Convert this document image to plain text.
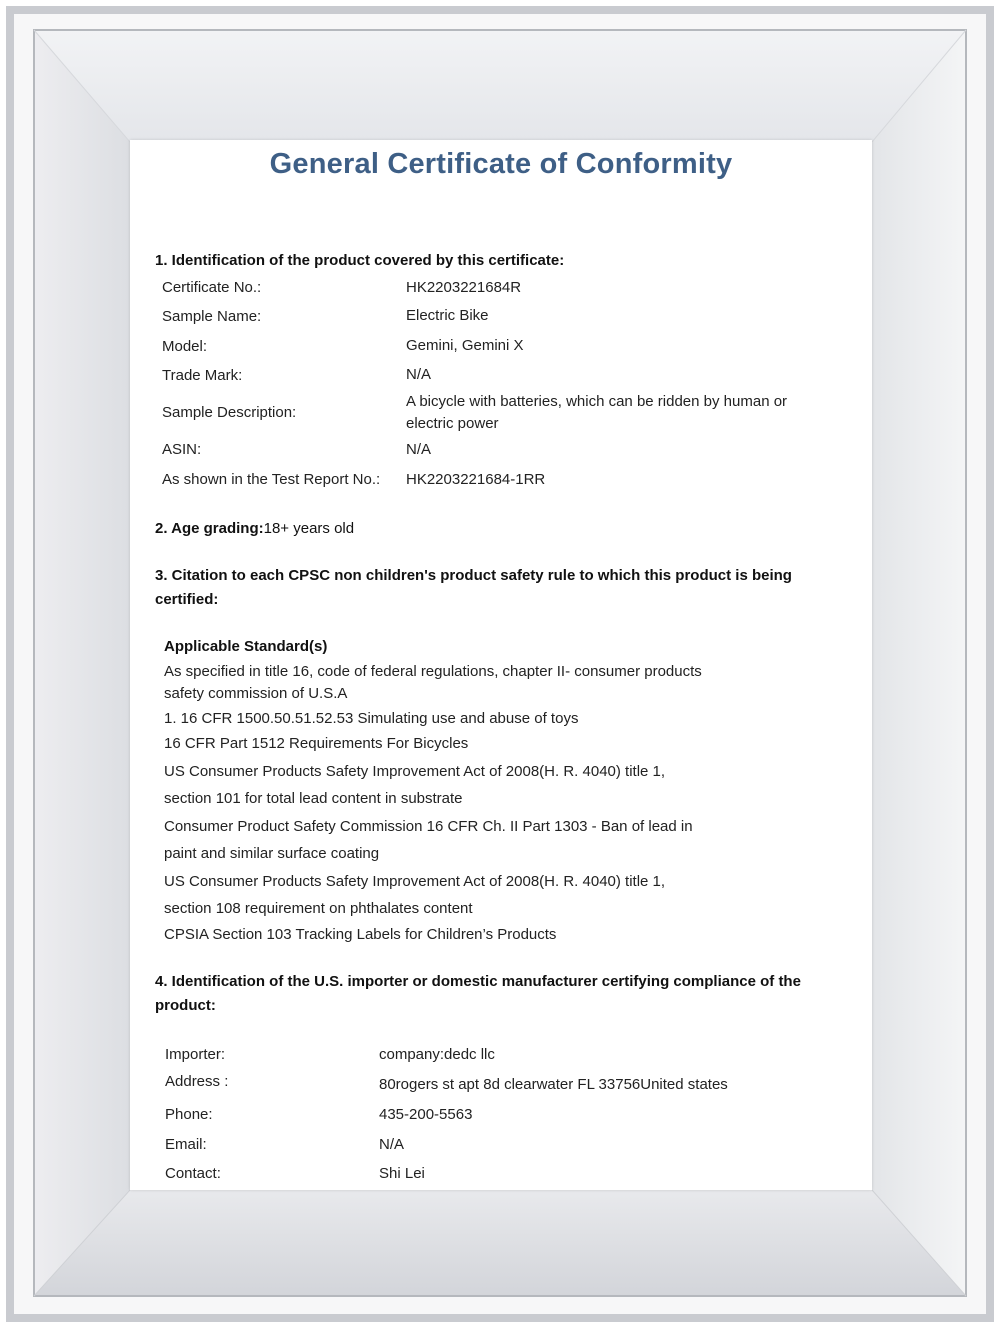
General Certificate of Conformity
1. Identification of the product covered by this certificate:
Certificate No.:	HK2203221684R
Sample Name:	Electric Bike
Model:	Gemini, Gemini X
Trade Mark:	N/A
Sample Description:
A bicycle with batteries, which can be ridden by human or
electric power
ASIN:	N/A
As shown in the Test Report No.: HK2203221684-1RR
2. Age grading:18+ years old
3. Citation to each CPSC non children's product safety rule to which this product is being
certified:
Applicable Standard(s)
As specified in title 16, code of federal regulations, chapter II- consumer products
safety commission of U.S.A
1. 16 CFR 1500.50.51.52.53 Simulating use and abuse of toys
16 CFR Part 1512 Requirements For Bicycles
US Consumer Products Safety Improvement Act of 2008(H. R. 4040) title 1,
section 101 for total lead content in substrate
Consumer Product Safety Commission 16 CFR Ch. II Part 1303 - Ban of lead in
paint and similar surface coating
US Consumer Products Safety Improvement Act of 2008(H. R. 4040) title 1,
section 108 requirement on phthalates content
CPSIA Section 103 Tracking Labels for Children’s Products
4. Identification of the U.S. importer or domestic manufacturer certifying compliance of the
product:
Importer:	company:dedc llc
Address :	80rogers st apt 8d clearwater FL 33756United states
Phone:	435-200-5563
Email:	N/A
Contact:	Shi Lei
